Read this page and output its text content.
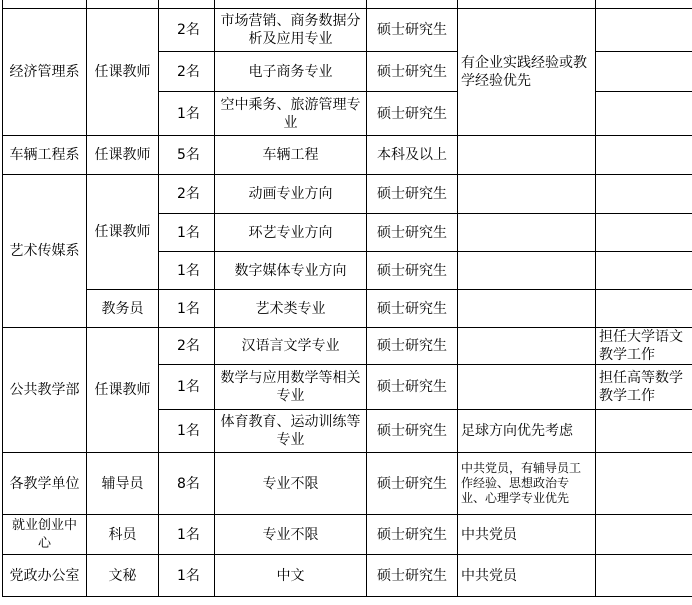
经济管理系	任课教师	2名	市场营销、商务数据分析及应用专业	硕士研究生	有企业实践经验或教学经验优先	
		2名	电子商务专业	硕士研究生		
		1名	空中乘务、旅游管理专业	硕士研究生		
车辆工程系	任课教师	5名	车辆工程	本科及以上		
艺术传媒系	任课教师	2名	动画专业方向	硕士研究生		
		1名	环艺专业方向	硕士研究生		
		1名	数字媒体专业方向	硕士研究生		
	教务员	1名	艺术类专业	硕士研究生		
公共教学部	任课教师	2名	汉语言文学专业	硕士研究生		担任大学语文教学工作
		1名	数学与应用数学等相关专业	硕士研究生		担任高等数学教学工作
		1名	体育教育、运动训练等专业	硕士研究生	足球方向优先考虑	
各教学单位	辅导员	8名	专业不限	硕士研究生	中共党员，有辅导员工作经验、思想政治专业、心理学专业优先	
就业创业中心	科员	1名	专业不限	硕士研究生	中共党员	
党政办公室	文秘	1名	中文	硕士研究生	中共党员	
